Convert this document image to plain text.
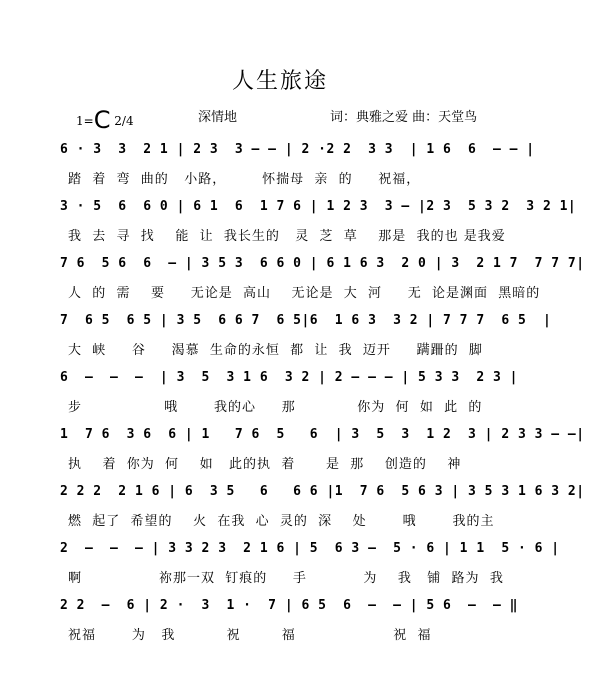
人生旅途
1=C 2/4	深情地	词：典雅之爱 曲：天堂鸟
6 · 3  3  2 1 | 2 3  3 – – | 2 ·2 2  3 3  | 1 6  6  – – |
踏  着  弯  曲的   小路，       怀揣母  亲  的     祝福，
3 · 5  6  6 0 | 6 1  6  1 7 6 | 1 2 3  3 – |2 3  5 3 2  3 2 1|
我  去  寻  找    能  让  我长生的   灵  芝  草    那是  我的也 是我爱
7 6  5 6  6  — | 3 5 3  6 6 0 | 6 1 6 3  2 0 | 3  2 1 7  7 7 7|
人  的  需    要     无论是  高山    无论是  大  河     无  论是渊面  黑暗的
7  6 5  6 5 | 3 5  6 6 7  6 5|6  1 6 3  3 2 | 7 7 7  6 5  |
大  峡     谷     渴慕  生命的永恒  都  让  我  迈开     蹒跚的  脚
6  –  –  –  | 3  5  3 1 6  3 2 | 2 – – – | 5 3 3  2 3 |
步                哦       我的心     那            你为  何  如  此  的
1  7 6  3 6  6 | 1   7 6  5   6  | 3  5  3  1 2  3 | 2 3 3 – –|
执    着  你为  何    如   此的执  着      是  那    创造的    神
2 2 2  2 1 6 | 6  3 5   6   6 6 |1  7 6  5 6 3 | 3 5 3 1 6 3 2|
燃  起了  希望的    火  在我  心  灵的  深    处       哦       我的主
2  –  –  – | 3 3 2 3  2 1 6 | 5  6 3 –  5 · 6 | 1 1  5 · 6 |
啊               祢那一双  钉痕的     手           为    我   铺  路为  我
2 2  –  6 | 2 ·  3  1 ·  7 | 6 5  6  –  – | 5 6  –  – ‖
祝福       为   我          祝        福                   祝  福
